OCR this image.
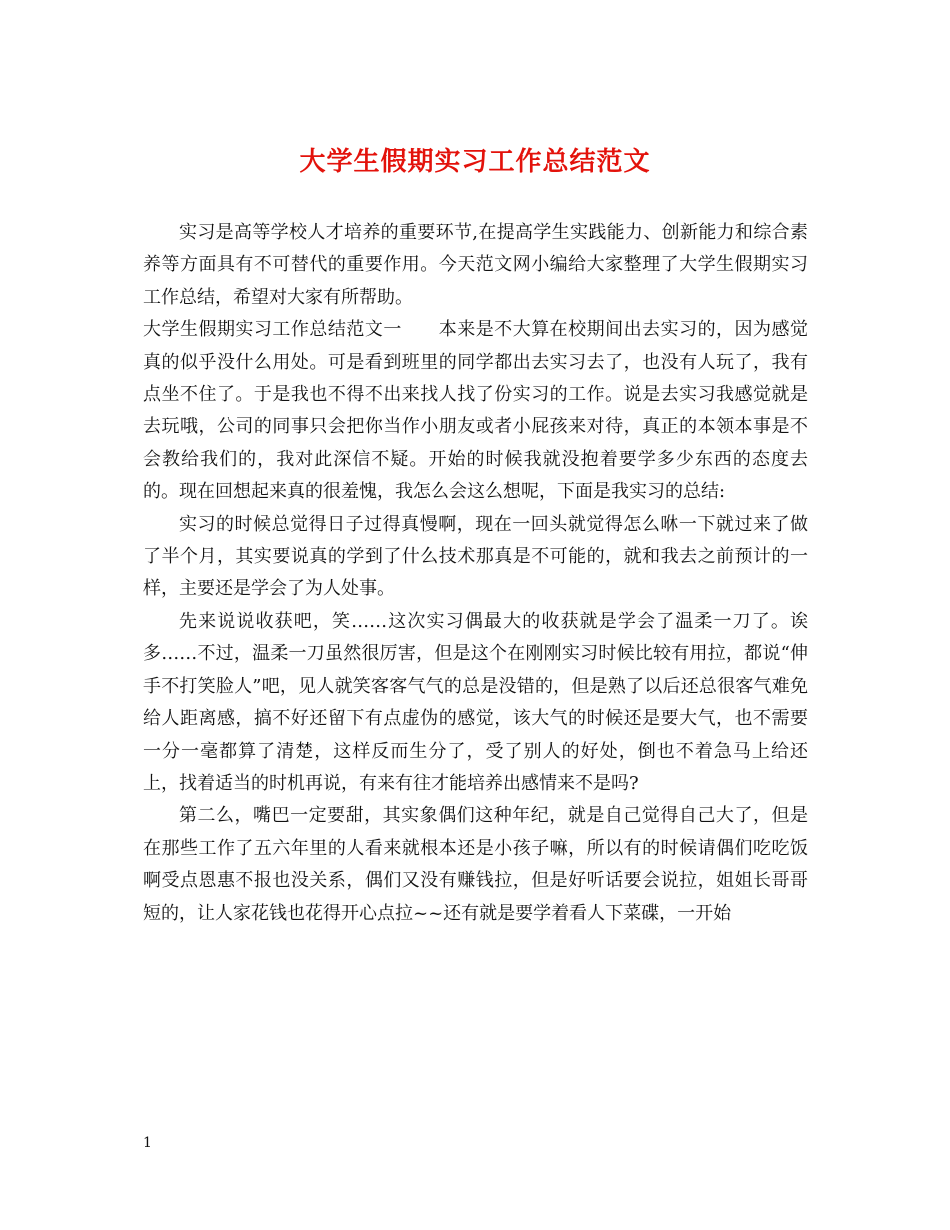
大学生假期实习工作总结范文

实习是高等学校人才培养的重要环节,在提高学生实践能力、创新能力和综合素养等方面具有不可替代的重要作用。今天范文网小编给大家整理了大学生假期实习工作总结，希望对大家有所帮助。

大学生假期实习工作总结范文一　　本来是不大算在校期间出去实习的，因为感觉真的似乎没什么用处。可是看到班里的同学都出去实习去了，也没有人玩了，我有点坐不住了。于是我也不得不出来找人找了份实习的工作。说是去实习我感觉就是去玩哦，公司的同事只会把你当作小朋友或者小屁孩来对待，真正的本领本事是不会教给我们的，我对此深信不疑。开始的时候我就没抱着要学多少东西的态度去的。现在回想起来真的很羞愧，我怎么会这么想呢，下面是我实习的总结:

实习的时候总觉得日子过得真慢啊，现在一回头就觉得怎么咻一下就过来了做了半个月，其实要说真的学到了什么技术那真是不可能的，就和我去之前预计的一样，主要还是学会了为人处事。

先来说说收获吧，笑……这次实习偶最大的收获就是学会了温柔一刀了。诶多……不过，温柔一刀虽然很厉害，但是这个在刚刚实习时候比较有用拉，都说“伸手不打笑脸人”吧，见人就笑客客气气的总是没错的，但是熟了以后还总很客气难免给人距离感，搞不好还留下有点虚伪的感觉，该大气的时候还是要大气，也不需要一分一毫都算了清楚，这样反而生分了，受了别人的好处，倒也不着急马上给还上，找着适当的时机再说，有来有往才能培养出感情来不是吗?

第二么，嘴巴一定要甜，其实象偶们这种年纪，就是自己觉得自己大了，但是在那些工作了五六年里的人看来就根本还是小孩子嘛，所以有的时候请偶们吃吃饭啊受点恩惠不报也没关系，偶们又没有赚钱拉，但是好听话要会说拉，姐姐长哥哥短的，让人家花钱也花得开心点拉~~还有就是要学着看人下菜碟，一开始

1
